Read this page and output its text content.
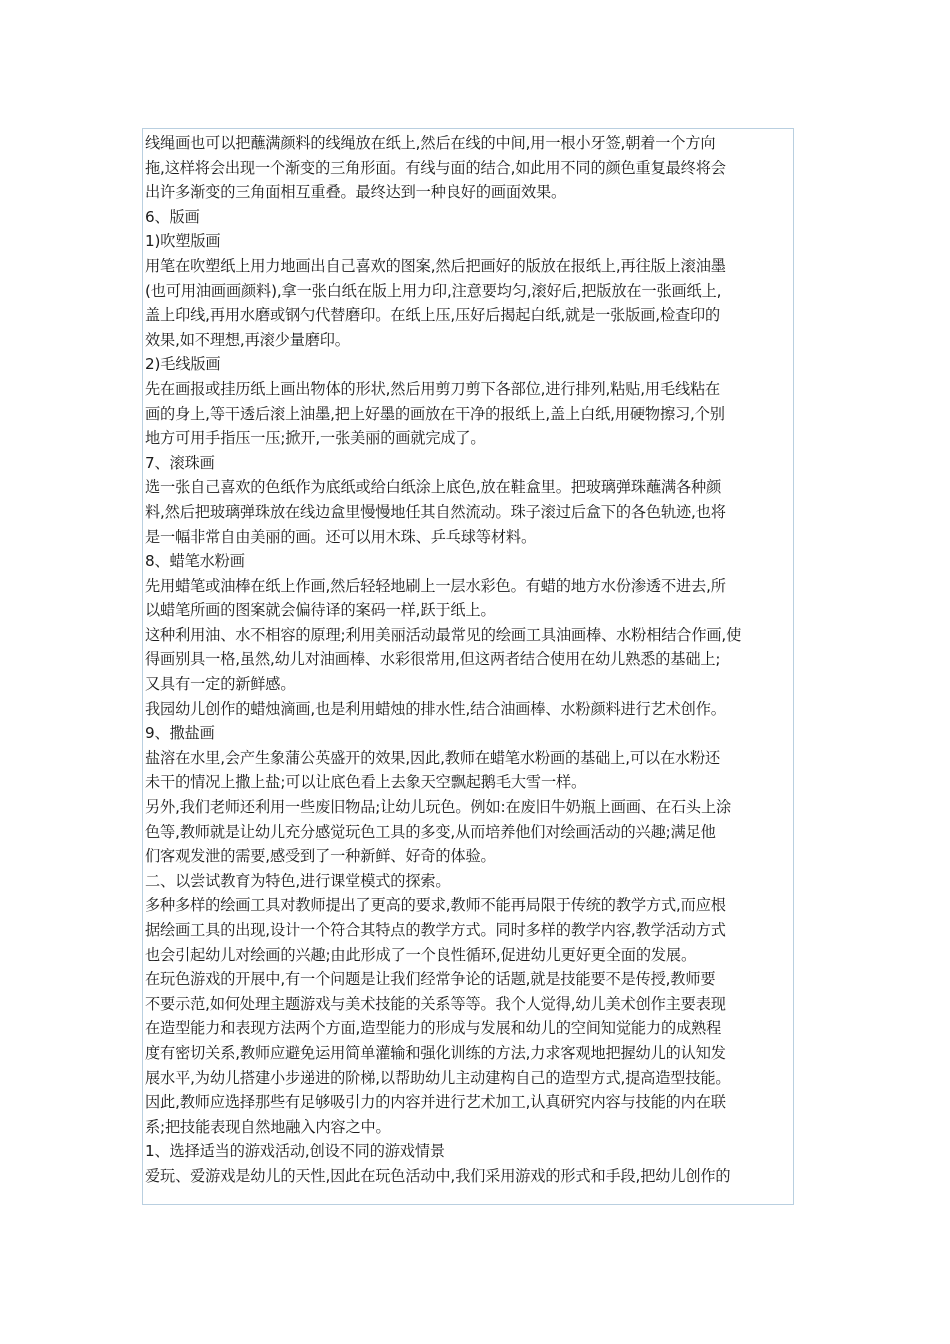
线绳画也可以把蘸满颜料的线绳放在纸上,然后在线的中间,用一根小牙签,朝着一个方向
拖,这样将会出现一个渐变的三角形面。有线与面的结合,如此用不同的颜色重复最终将会
出许多渐变的三角面相互重叠。最终达到一种良好的画面效果。
6、版画
1)吹塑版画
用笔在吹塑纸上用力地画出自己喜欢的图案,然后把画好的版放在报纸上,再往版上滚油墨
(也可用油画画颜料),拿一张白纸在版上用力印,注意要均匀,滚好后,把版放在一张画纸上,
盖上印线,再用水磨或钢勺代替磨印。在纸上压,压好后揭起白纸,就是一张版画,检查印的
效果,如不理想,再滚少量磨印。
2)毛线版画
先在画报或挂历纸上画出物体的形状,然后用剪刀剪下各部位,进行排列,粘贴,用毛线粘在
画的身上,等干透后滚上油墨,把上好墨的画放在干净的报纸上,盖上白纸,用硬物擦习,个别
地方可用手指压一压;掀开,一张美丽的画就完成了。
7、滚珠画
选一张自己喜欢的色纸作为底纸或给白纸涂上底色,放在鞋盒里。把玻璃弹珠蘸满各种颜
料,然后把玻璃弹珠放在线边盒里慢慢地任其自然流动。珠子滚过后盒下的各色轨迹,也将
是一幅非常自由美丽的画。还可以用木珠、乒乓球等材料。
8、蜡笔水粉画
先用蜡笔或油棒在纸上作画,然后轻轻地刷上一层水彩色。有蜡的地方水份渗透不进去,所
以蜡笔所画的图案就会偏待译的案码一样,跃于纸上。
这种利用油、水不相容的原理;利用美丽活动最常见的绘画工具油画棒、水粉相结合作画,使
得画别具一格,虽然,幼儿对油画棒、水彩很常用,但这两者结合使用在幼儿熟悉的基础上;
又具有一定的新鲜感。
我园幼儿创作的蜡烛滴画,也是利用蜡烛的排水性,结合油画棒、水粉颜料进行艺术创作。
9、撒盐画
盐溶在水里,会产生象蒲公英盛开的效果,因此,教师在蜡笔水粉画的基础上,可以在水粉还
未干的情况上撒上盐;可以让底色看上去象天空飘起鹅毛大雪一样。
另外,我们老师还利用一些废旧物品;让幼儿玩色。例如:在废旧牛奶瓶上画画、在石头上涂
色等,教师就是让幼儿充分感觉玩色工具的多变,从而培养他们对绘画活动的兴趣;满足他
们客观发泄的需要,感受到了一种新鲜、好奇的体验。
二、以尝试教育为特色,进行课堂模式的探索。
多种多样的绘画工具对教师提出了更高的要求,教师不能再局限于传统的教学方式,而应根
据绘画工具的出现,设计一个符合其特点的教学方式。同时多样的教学内容,教学活动方式
也会引起幼儿对绘画的兴趣;由此形成了一个良性循环,促进幼儿更好更全面的发展。
在玩色游戏的开展中,有一个问题是让我们经常争论的话题,就是技能要不是传授,教师要
不要示范,如何处理主题游戏与美术技能的关系等等。我个人觉得,幼儿美术创作主要表现
在造型能力和表现方法两个方面,造型能力的形成与发展和幼儿的空间知觉能力的成熟程
度有密切关系,教师应避免运用简单灌输和强化训练的方法,力求客观地把握幼儿的认知发
展水平,为幼儿搭建小步递进的阶梯,以帮助幼儿主动建构自己的造型方式,提高造型技能。
因此,教师应选择那些有足够吸引力的内容并进行艺术加工,认真研究内容与技能的内在联
系;把技能表现自然地融入内容之中。
1、选择适当的游戏活动,创设不同的游戏情景
爱玩、爱游戏是幼儿的天性,因此在玩色活动中,我们采用游戏的形式和手段,把幼儿创作的
